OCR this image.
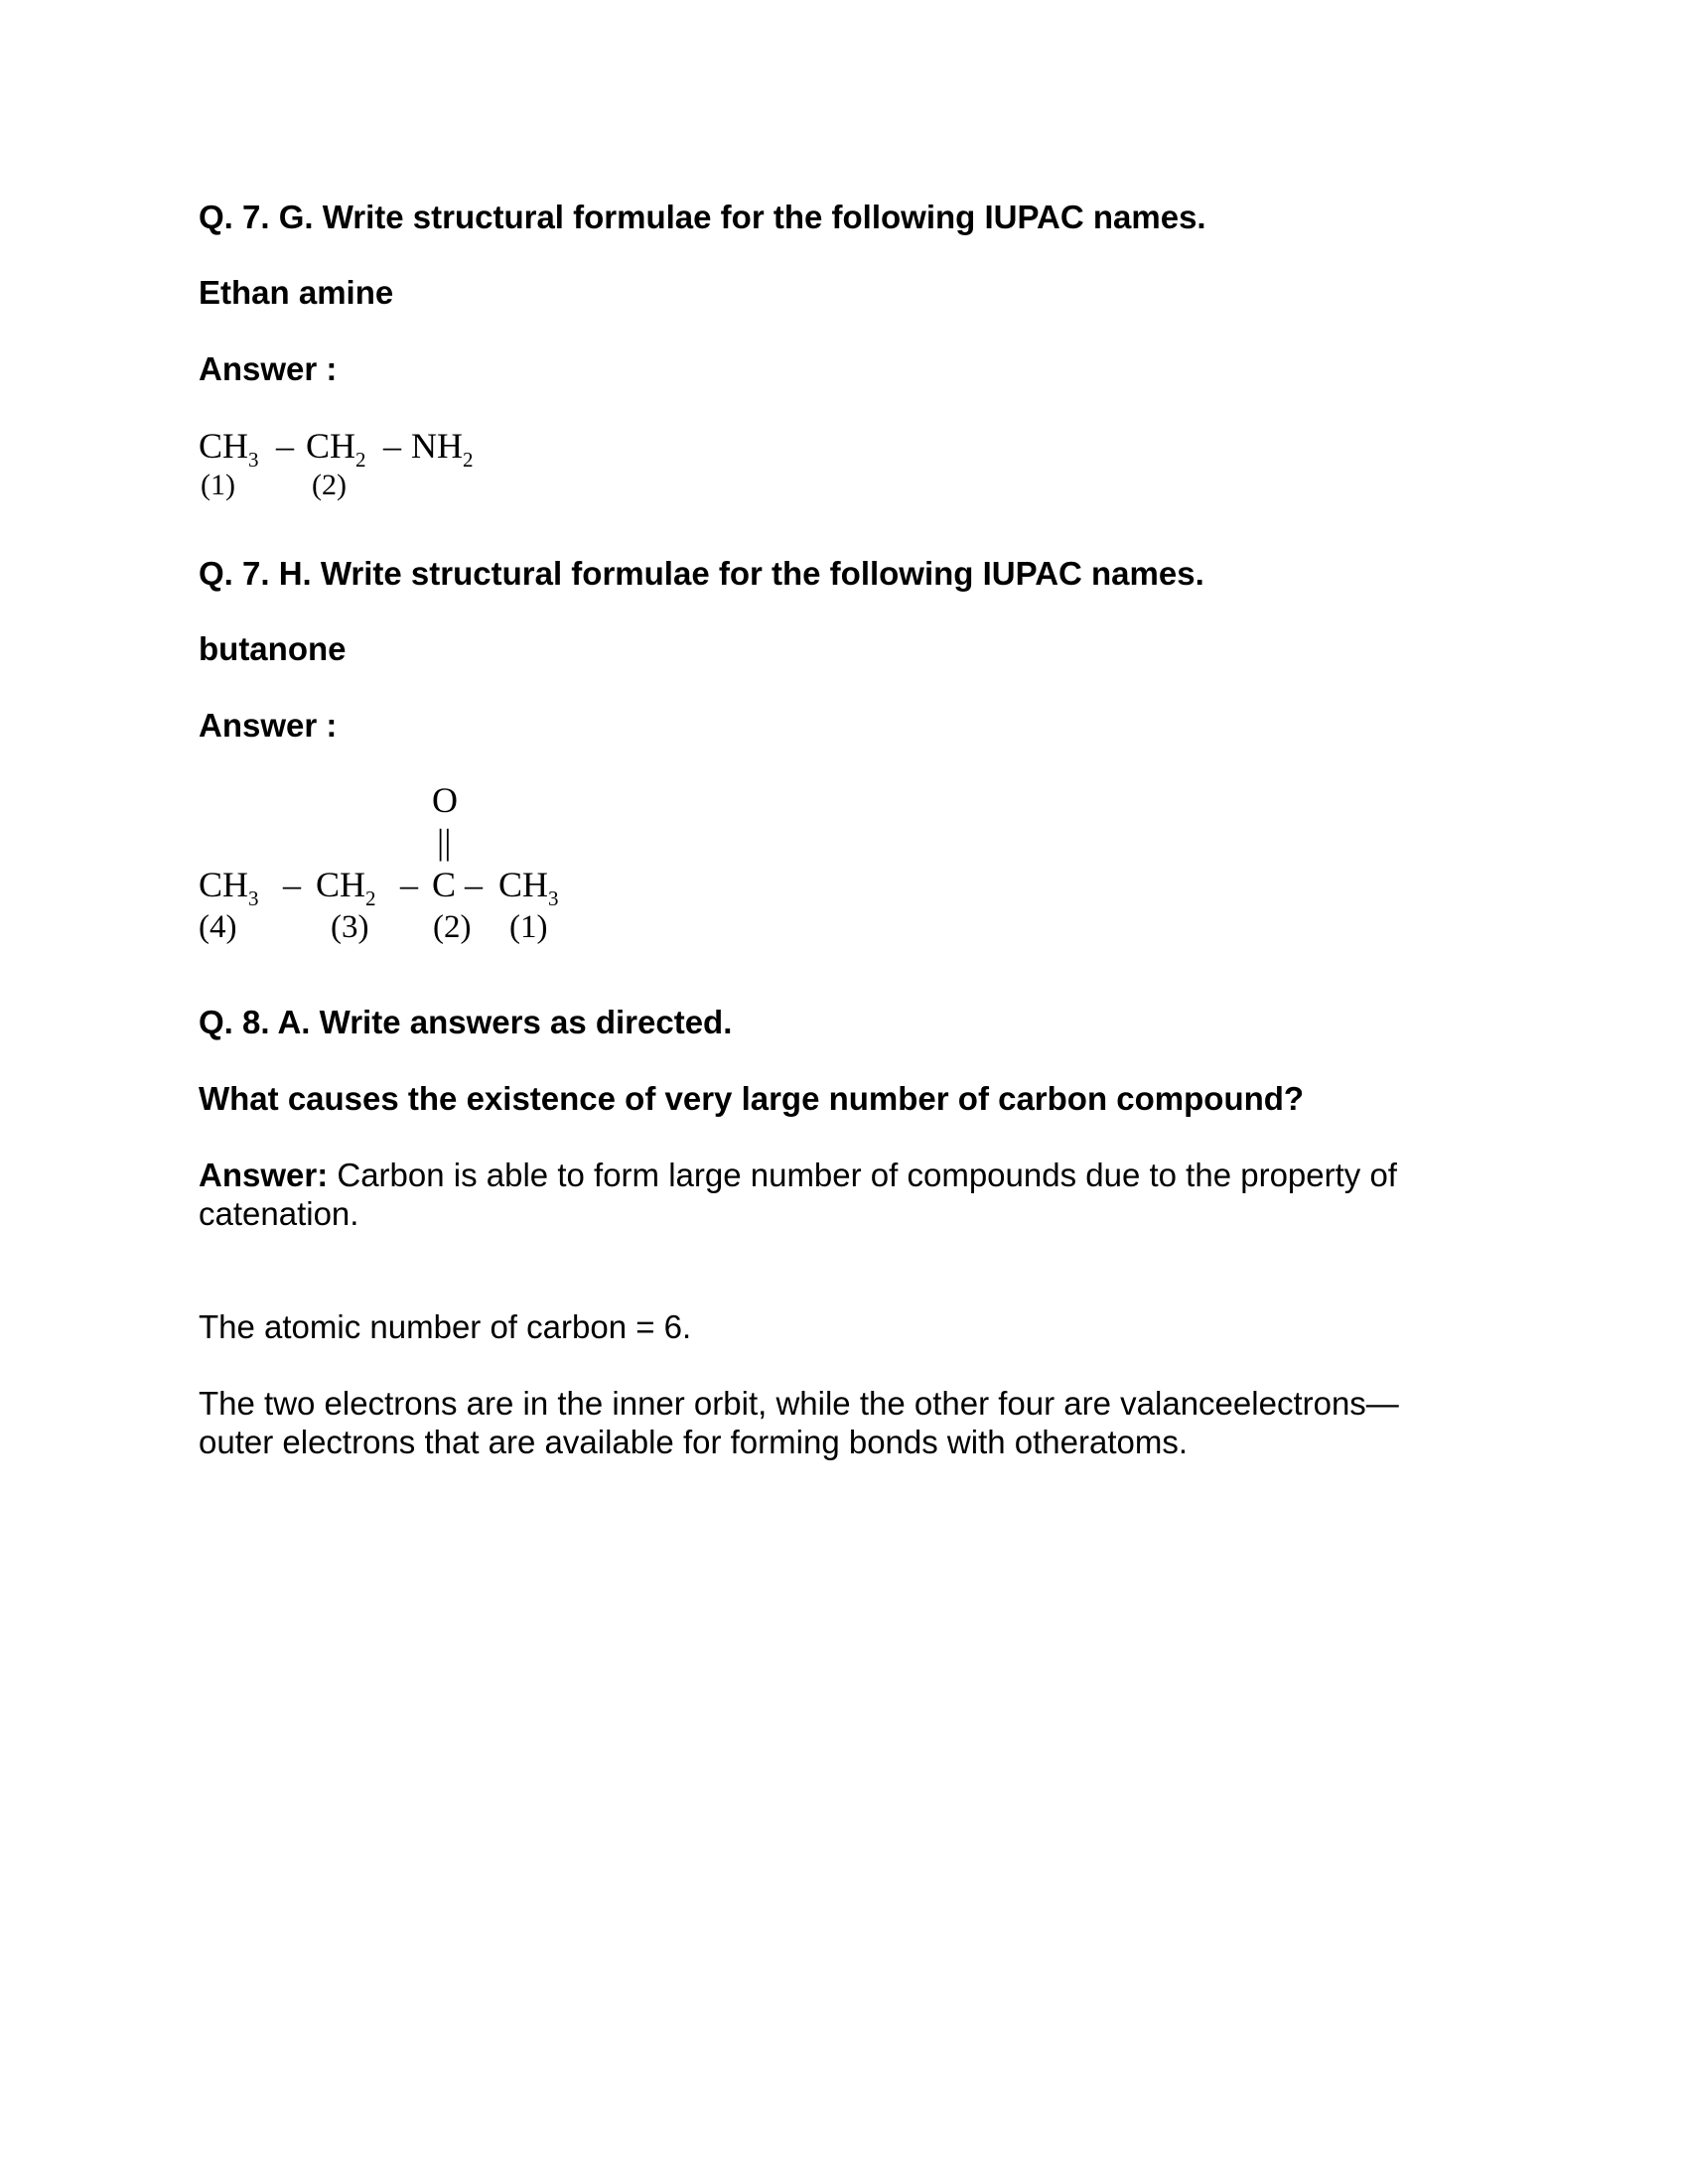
Q. 7. G. Write structural formulae for the following IUPAC names.
Ethan amine
Answer :
$CH_3 - CH_2 - NH_2$
(1)	(2)
Q. 7. H. Write structural formulae for the following IUPAC names.
butanone
Answer :
O
||
$CH_3 - CH_2$ – C – $CH_3$
(4)	(3) (2) (1)
Q. 8. A. Write answers as directed.
What causes the existence of very large number of carbon compound?
Answer: Carbon is able to form large number of compounds due to the property of catenation.
The atomic number of carbon = 6.
The two electrons are in the inner orbit, while the other four are valanceelectrons— outer electrons that are available for forming bonds with otheratoms.
